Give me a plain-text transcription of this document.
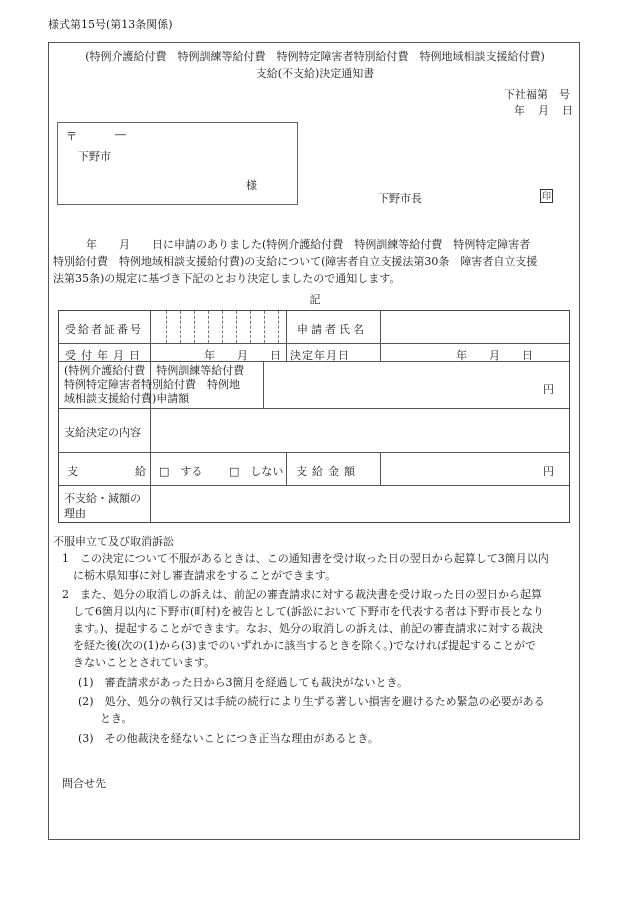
様式第15号(第13条関係)
(特例介護給付費　特例訓練等給付費　特例特定障害者特別給付費　特例地域相談支援給付費)
支給(不支給)決定通知書
下社福第　号
年　月　日
〒	―
下野市
様
下野市長	印
　　　年　　月　　日に申請のありました(特例介護給付費　特例訓練等給付費　特例特定障害者
特別給付費　特例地域相談支援給付費)の支給について(障害者自立支援法第30条　障害者自立支援
法第35条)の規定に基づき下記のとおり決定しましたので通知します。
記
受給者証番号	申請者氏名
受付年月日	年　　月　　日 決定年月日	年　　月　　日
(特例介護給付費　特例訓練等給付費
特例特定障害者特別給付費　特例地
域相談支援給付費)申請額
円
支給決定の内容
支	給 □　する □　しない 支給金額	円
不支給・減額の
理由
不服申立て及び取消訴訟
1　この決定について不服があるときは、この通知書を受け取った日の翌日から起算して3箇月以内
　に栃木県知事に対し審査請求をすることができます。
2　また、処分の取消しの訴えは、前記の審査請求に対する裁決書を受け取った日の翌日から起算
　して6箇月以内に下野市(町村)を被告として(訴訟において下野市を代表する者は下野市長となり
　ます。)、提起することができます。なお、処分の取消しの訴えは、前記の審査請求に対する裁決
　を経た後(次の(1)から(3)までのいずれかに該当するときを除く。)でなければ提起することがで
　きないこととされています。
(1)　審査請求があった日から3箇月を経過しても裁決がないとき。
(2)　処分、処分の執行又は手続の続行により生ずる著しい損害を避けるため緊急の必要がある
　　とき。
(3)　その他裁決を経ないことにつき正当な理由があるとき。
問合せ先
